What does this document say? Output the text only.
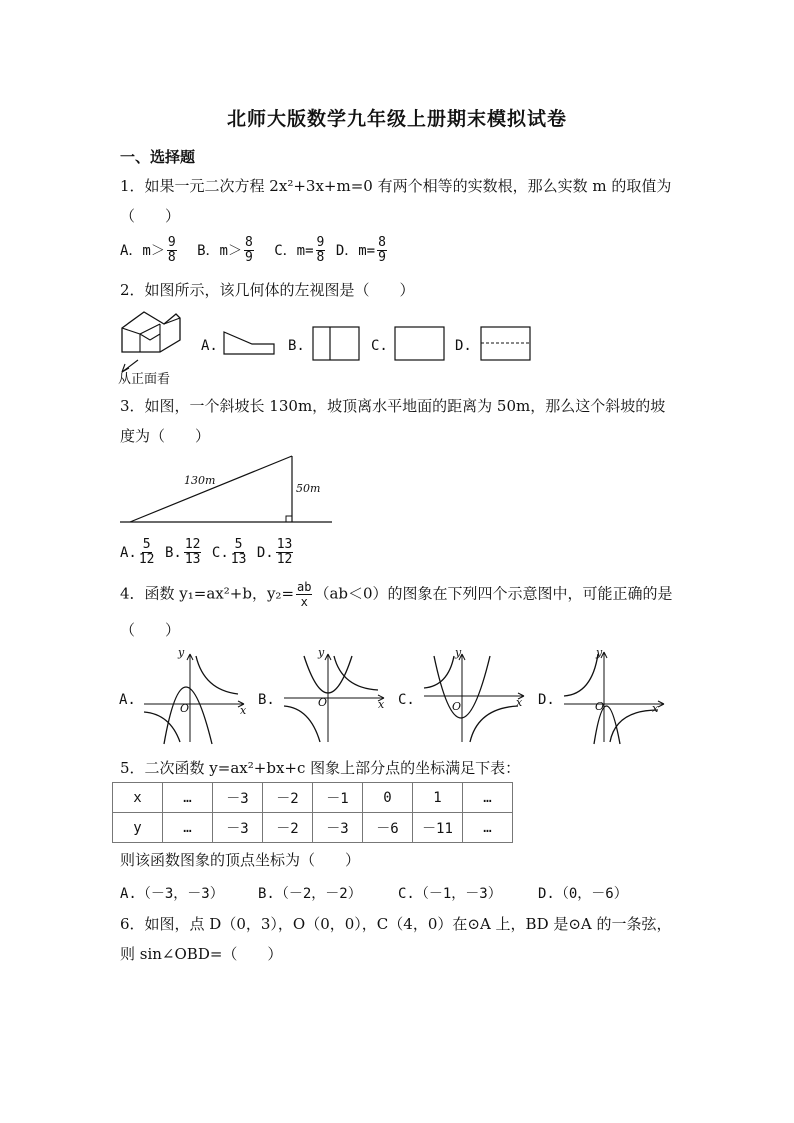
北师大版数学九年级上册期末模拟试卷
一、选择题
1．如果一元二次方程 2x²+3x+m=0 有两个相等的实数根，那么实数 m 的取值为
（　　）
A．$m> \frac{9}{8}$ B．$m> \frac{8}{9}$ C．$m= \frac{9}{8}$ D．$m= \frac{8}{9}$
2．如图所示，该几何体的左视图是（　　）
从正面看
A.	B.	C.	D.
3．如图，一个斜坡长 130m，坡顶离水平地面的距离为 50m，那么这个斜坡的坡
度为（　　）
130m
50m
A. $\frac{5}{12} B$. $\frac{12}{13} C$. $\frac{5}{13} D$. $\frac{13}{12}$
4．函数 y₁=ax²+b，$y_2= \frac{ab}{x} (ab<0)$的图象在下列四个示意图中，可能正确的是
（　　）
A.
y
x
O
B.
y
x
O	C.
y
x
O	D.
y
x
O
5．二次函数 y=ax²+bx+c 图象上部分点的坐标满足下表：
x	…	－3	－2	－1	0	1	…
y	…	－3	－2	－3	－6	－11	…
则该函数图象的顶点坐标为（　　）
A.（－3，－3） B.（－2，－2）	C.（－1，－3）	D.（0，－6）
6．如图，点 D（0，3），O（0，0），C（4，0）在⊙A 上，BD 是⊙A 的一条弦，
则 sin∠OBD=（　　）
